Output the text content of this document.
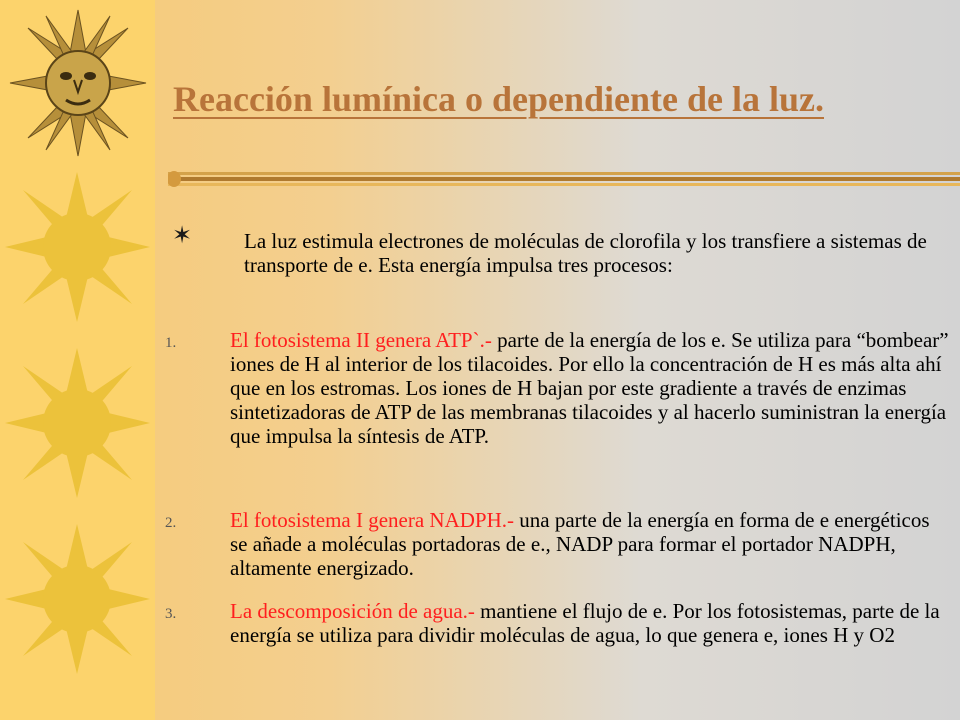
Reacción lumínica o dependiente de la luz.
✶	La luz estimula electrones de moléculas de clorofila y los transfiere a sistemas de transporte de e. Esta energía impulsa tres procesos:
1.	El fotosistema II genera ATP`.- parte de la energía de los e. Se utiliza para “bombear” iones de H al interior de los tilacoides. Por ello la concentración de H es más alta ahí que en los estromas. Los iones de H bajan por este gradiente a través de enzimas sintetizadoras de ATP de las membranas tilacoides y al hacerlo suministran la energía que impulsa la síntesis de ATP.
2.	El fotosistema I genera NADPH.- una parte de la energía en forma de e energéticos se añade a moléculas portadoras de e., NADP para formar el portador NADPH, altamente energizado.
3.	La descomposición de agua.- mantiene el flujo de e. Por los fotosistemas, parte de la energía se utiliza para dividir moléculas de agua, lo que genera e, iones H y O2
